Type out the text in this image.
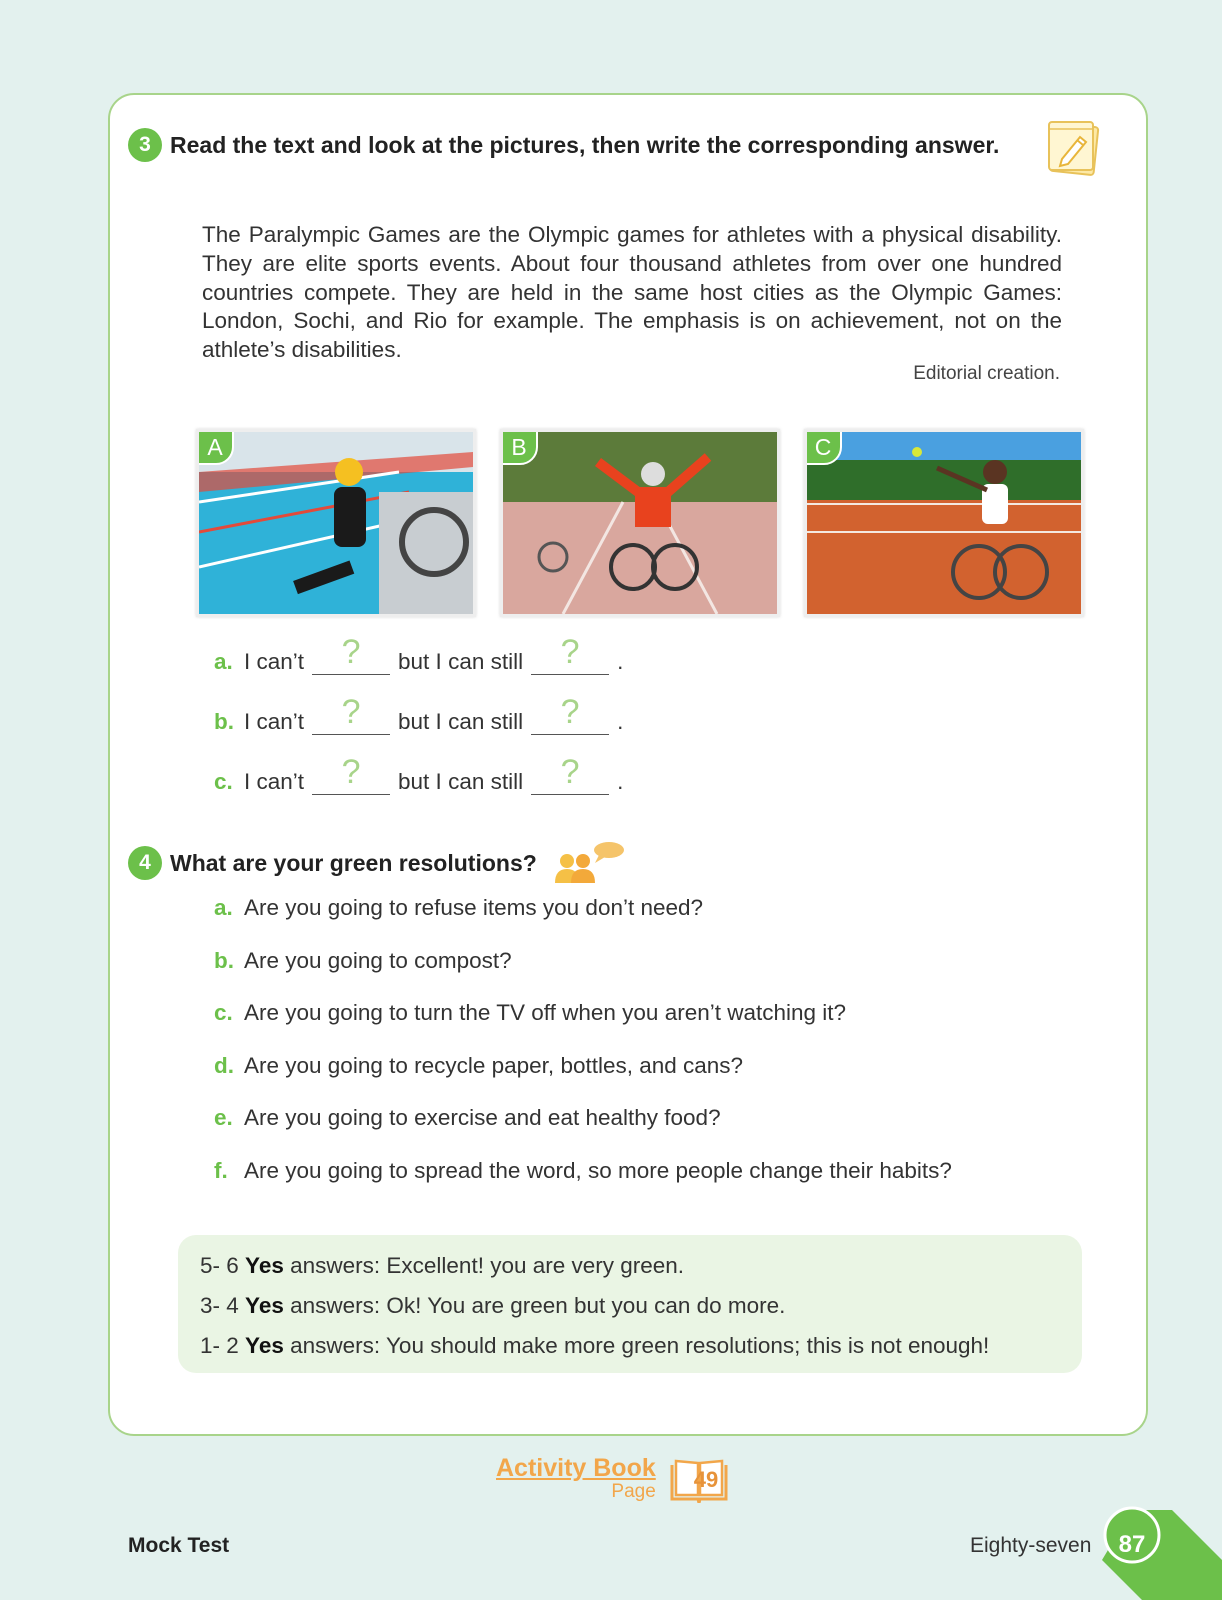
3 Read the text and look at the pictures, then write the corresponding answer.
The Paralympic Games are the Olympic games for athletes with a physical disability. They are elite sports events. About four thousand athletes from over one hundred countries compete. They are held in the same host cities as the Olympic Games: London, Sochi, and Rio for example. The emphasis is on achievement, not on the athlete’s disabilities.
Editorial creation.
A	B	C
a. I can’t	?	but I can still	?	.
b. I can’t	?	but I can still	?	.
c. I can’t	?	but I can still	?	.
4 What are your green resolutions?
a. Are you going to refuse items you don’t need?
b. Are you going to compost?
c. Are you going to turn the TV off when you aren’t watching it?
d. Are you going to recycle paper, bottles, and cans?
e. Are you going to exercise and eat healthy food?
f. Are you going to spread the word, so more people change their habits?
5- 6 Yes answers: Excellent! you are very green.
3- 4 Yes answers: Ok! You are green but you can do more.
1- 2 Yes answers: You should make more green resolutions; this is not enough!
Activity Book
Page 49
Mock Test	Eighty-seven	87
